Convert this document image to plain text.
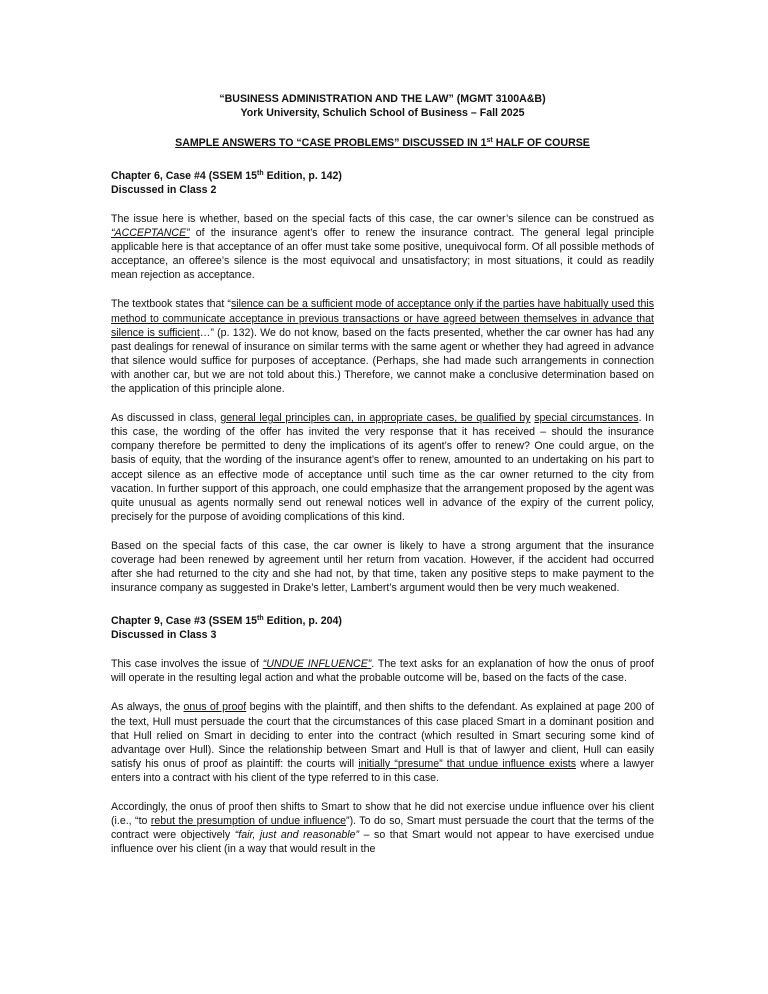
“BUSINESS ADMINISTRATION AND THE LAW” (MGMT 3100A&B)

York University, Schulich School of Business – Fall 2025

SAMPLE ANSWERS TO “CASE PROBLEMS” DISCUSSED IN 1st HALF OF COURSE

Chapter 6, Case #4 (SSEM 15th Edition, p. 142)

Discussed in Class 2

The issue here is whether, based on the special facts of this case, the car owner’s silence can be construed as “ACCEPTANCE” of the insurance agent’s offer to renew the insurance contract. The general legal principle applicable here is that acceptance of an offer must take some positive, unequivocal form. Of all possible methods of acceptance, an offeree’s silence is the most equivocal and unsatisfactory; in most situations, it could as readily mean rejection as acceptance.

The textbook states that “silence can be a sufficient mode of acceptance only if the parties have habitually used this method to communicate acceptance in previous transactions or have agreed between themselves in advance that silence is sufficient…” (p. 132). We do not know, based on the facts presented, whether the car owner has had any past dealings for renewal of insurance on similar terms with the same agent or whether they had agreed in advance that silence would suffice for purposes of acceptance. (Perhaps, she had made such arrangements in connection with another car, but we are not told about this.) Therefore, we cannot make a conclusive determination based on the application of this principle alone.

As discussed in class, general legal principles can, in appropriate cases, be qualified by special circumstances. In this case, the wording of the offer has invited the very response that it has received – should the insurance company therefore be permitted to deny the implications of its agent’s offer to renew? One could argue, on the basis of equity, that the wording of the insurance agent’s offer to renew, amounted to an undertaking on his part to accept silence as an effective mode of acceptance until such time as the car owner returned to the city from vacation. In further support of this approach, one could emphasize that the arrangement proposed by the agent was quite unusual as agents normally send out renewal notices well in advance of the expiry of the current policy, precisely for the purpose of avoiding complications of this kind.

Based on the special facts of this case, the car owner is likely to have a strong argument that the insurance coverage had been renewed by agreement until her return from vacation. However, if the accident had occurred after she had returned to the city and she had not, by that time, taken any positive steps to make payment to the insurance company as suggested in Drake’s letter, Lambert’s argument would then be very much weakened.

Chapter 9, Case #3 (SSEM 15th Edition, p. 204)

Discussed in Class 3

This case involves the issue of “UNDUE INFLUENCE”. The text asks for an explanation of how the onus of proof will operate in the resulting legal action and what the probable outcome will be, based on the facts of the case.

As always, the onus of proof begins with the plaintiff, and then shifts to the defendant. As explained at page 200 of the text, Hull must persuade the court that the circumstances of this case placed Smart in a dominant position and that Hull relied on Smart in deciding to enter into the contract (which resulted in Smart securing some kind of advantage over Hull). Since the relationship between Smart and Hull is that of lawyer and client, Hull can easily satisfy his onus of proof as plaintiff: the courts will initially “presume” that undue influence exists where a lawyer enters into a contract with his client of the type referred to in this case.

Accordingly, the onus of proof then shifts to Smart to show that he did not exercise undue influence over his client (i.e., “to rebut the presumption of undue influence”). To do so, Smart must persuade the court that the terms of the contract were objectively “fair, just and reasonable” – so that Smart would not appear to have exercised undue influence over his client (in a way that would result in the
